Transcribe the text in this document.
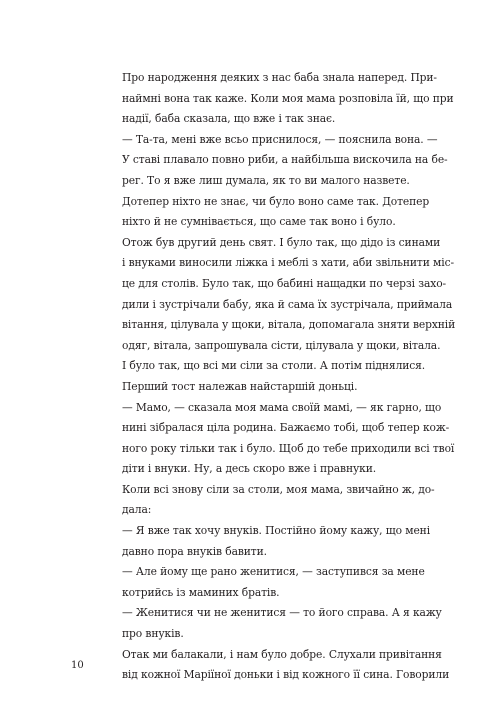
Про народження деяких з нас баба знала наперед. При-
наймні вона так каже. Коли моя мама розповіла їй, що при
надії, баба сказала, що вже і так знає.

— Та-та, мені вже всьо приснилося, — пояснила вона. —
У ставі плавало повно риби, а найбільша вискочила на бе-
рег. То я вже лиш думала, як то ви малого назвете.

Дотепер ніхто не знає, чи було воно саме так. Дотепер
ніхто й не сумнівається, що саме так воно і було.

Отож був другий день свят. І було так, що дідо із синами
і внуками виносили ліжка і меблі з хати, аби звільнити міс-
це для столів. Було так, що бабині нащадки по черзі захо-
дили і зустрічали бабу, яка й сама їх зустрічала, приймала
вітання, цілувала у щоки, вітала, допомагала зняти верхній
одяг, вітала, запрошувала сісти, цілувала у щоки, вітала.

І було так, що всі ми сіли за столи. А потім піднялися.
Перший тост належав найстаршій доньці.

— Мамо, — сказала моя мама своїй мамі, — як гарно, що
нині зібралася ціла родина. Бажаємо тобі, щоб тепер кож-
ного року тільки так і було. Щоб до тебе приходили всі твої
діти і внуки. Ну, а десь скоро вже і правнуки.

Коли всі знову сіли за столи, моя мама, звичайно ж, до-
дала:

— Я вже так хочу внуків. Постійно йому кажу, що мені
давно пора внуків бавити.

— Але йому ще рано женитися, — заступився за мене
котрийсь із маминих братів.

— Женитися чи не женитися — то його справа. А я кажу
про внуків.

Отак ми балакали, і нам було добре. Слухали привітання
від кожної Маріїної доньки і від кожного її сина. Говорили

10
